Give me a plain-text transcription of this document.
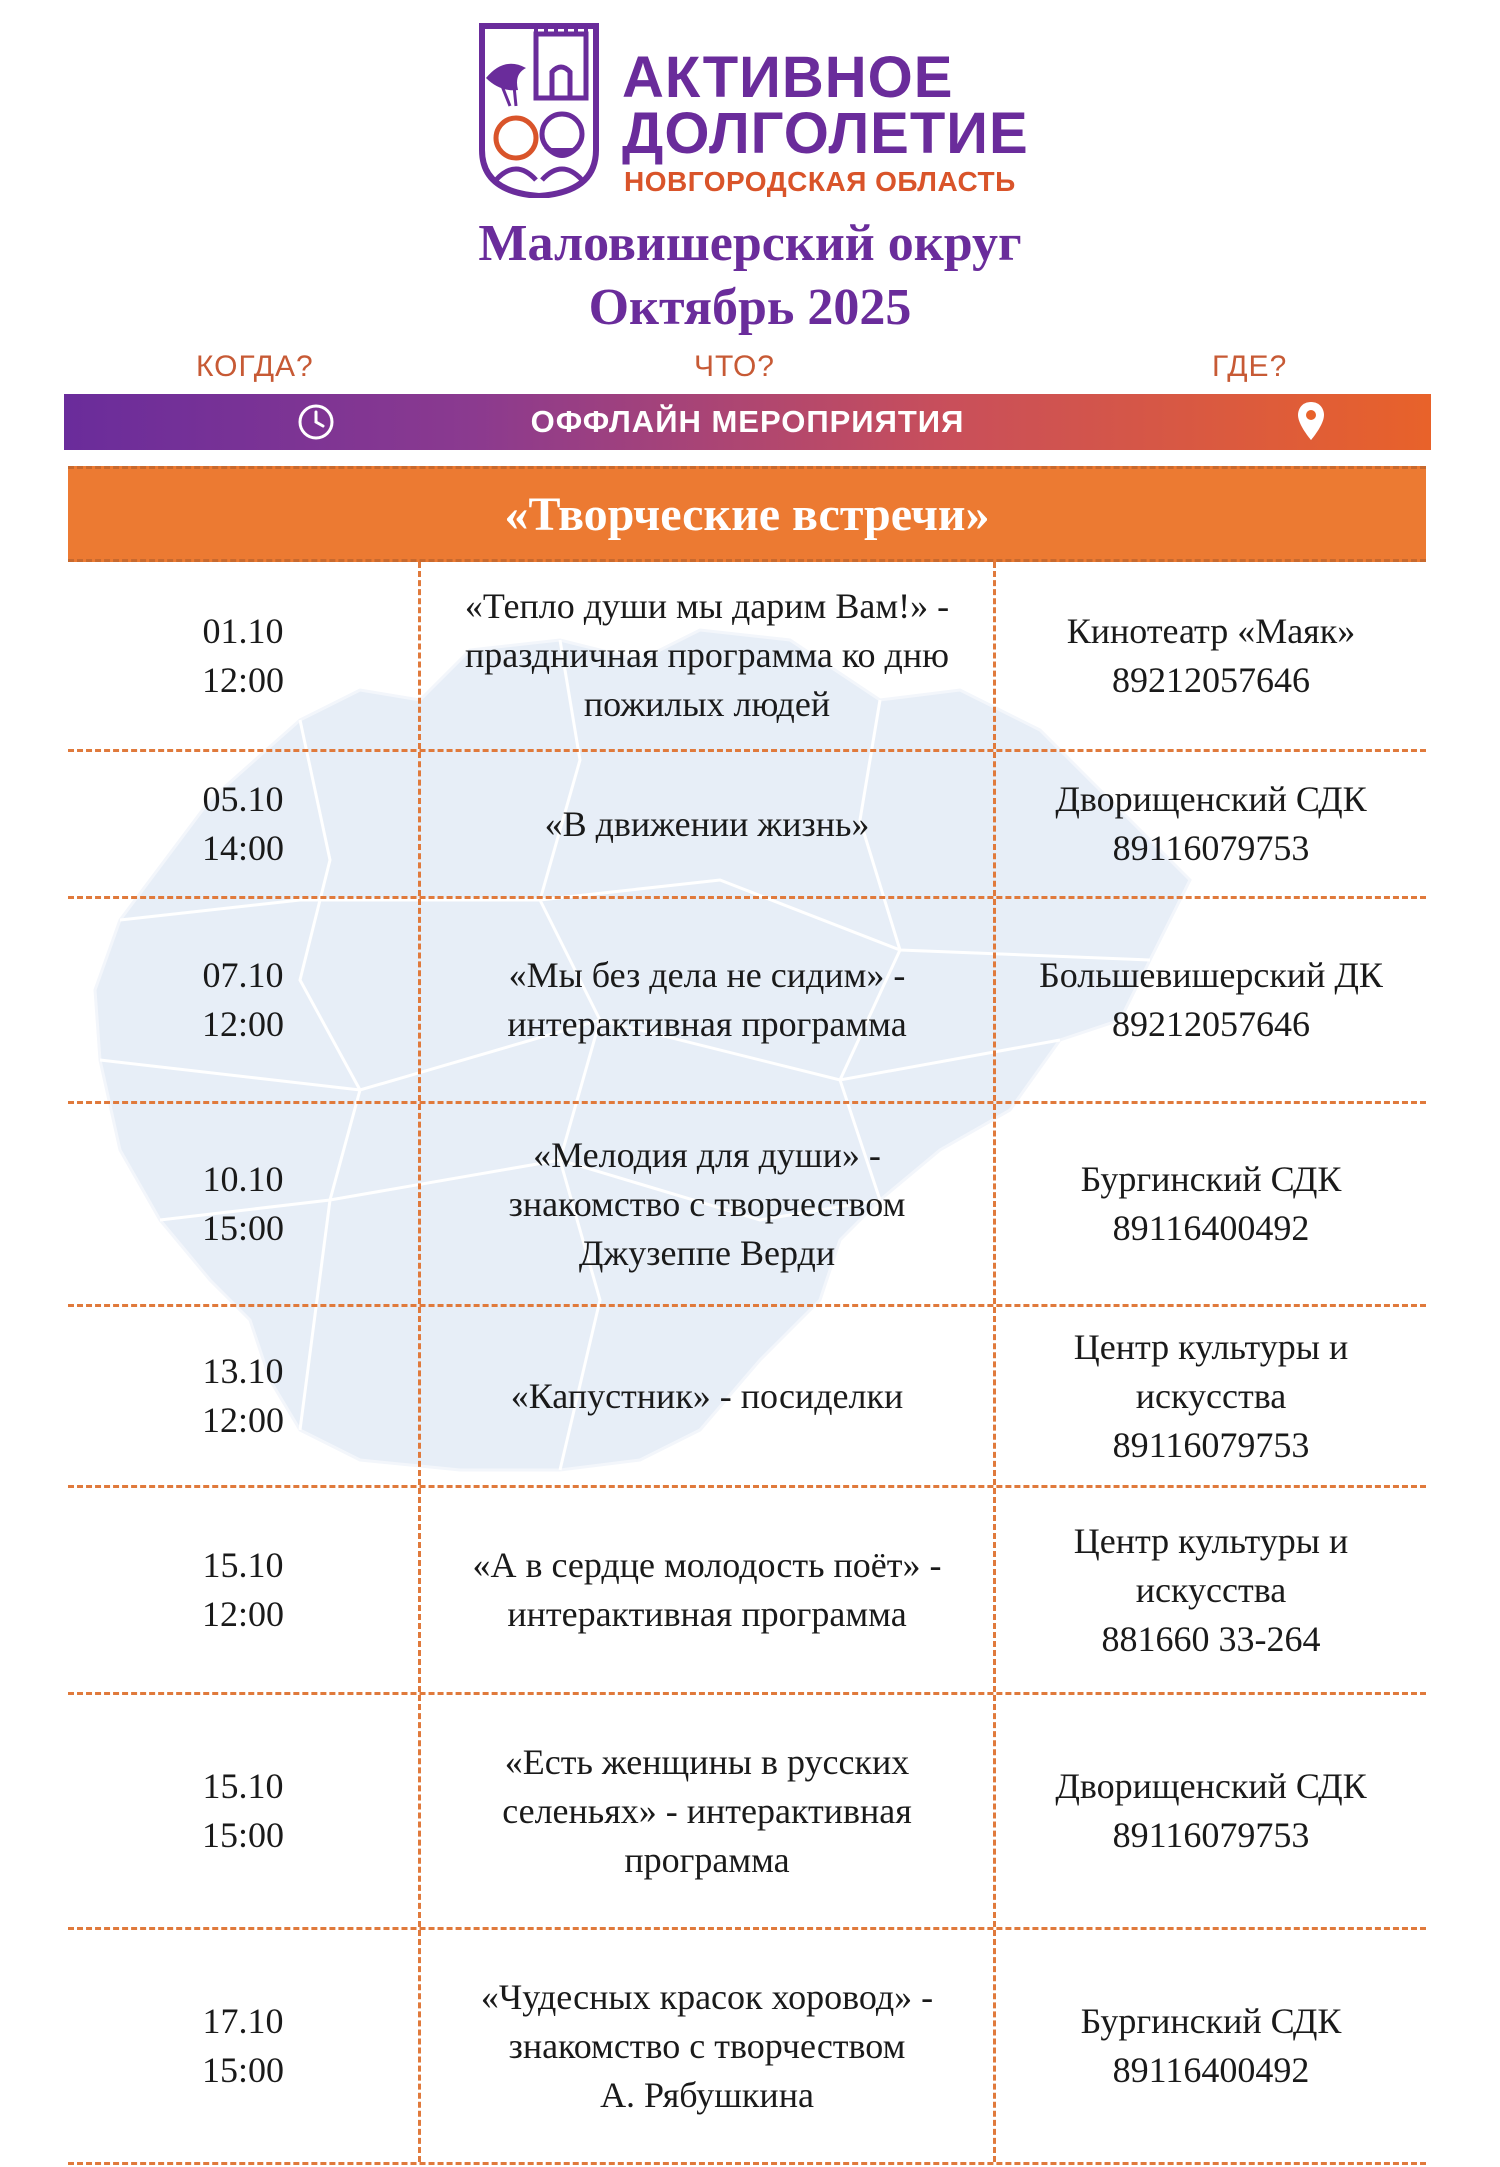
АКТИВНОЕ
ДОЛГОЛЕТИЕ
НОВГОРОДСКАЯ ОБЛАСТЬ
Маловишерский округ
Октябрь 2025
КОГДА?	ЧТО?	ГДЕ?
ОФФЛАЙН МЕРОПРИЯТИЯ
«Творческие встречи»
01.10
12:00
«Тепло души мы дарим Вам!» -
праздничная программа ко дню
пожилых людей
Кинотеатр «Маяк»
89212057646
05.10
14:00
«В движении жизнь»
Дворищенский СДК
89116079753
07.10
12:00
«Мы без дела не сидим» -
интерактивная программа
Большевишерский ДК
89212057646
10.10
15:00
«Мелодия для души» -
знакомство с творчеством
Джузеппе Верди
Бургинский СДК
89116400492
13.10
12:00
«Капустник» - посиделки
Центр культуры и
искусства
89116079753
15.10
12:00
«А в сердце молодость поёт» -
интерактивная программа
Центр культуры и
искусства
881660 33-264
15.10
15:00
«Есть женщины в русских
селеньях» - интерактивная
программа
Дворищенский СДК
89116079753
17.10
15:00
«Чудесных красок хоровод» -
знакомство с творчеством
А. Рябушкина
Бургинский СДК
89116400492
